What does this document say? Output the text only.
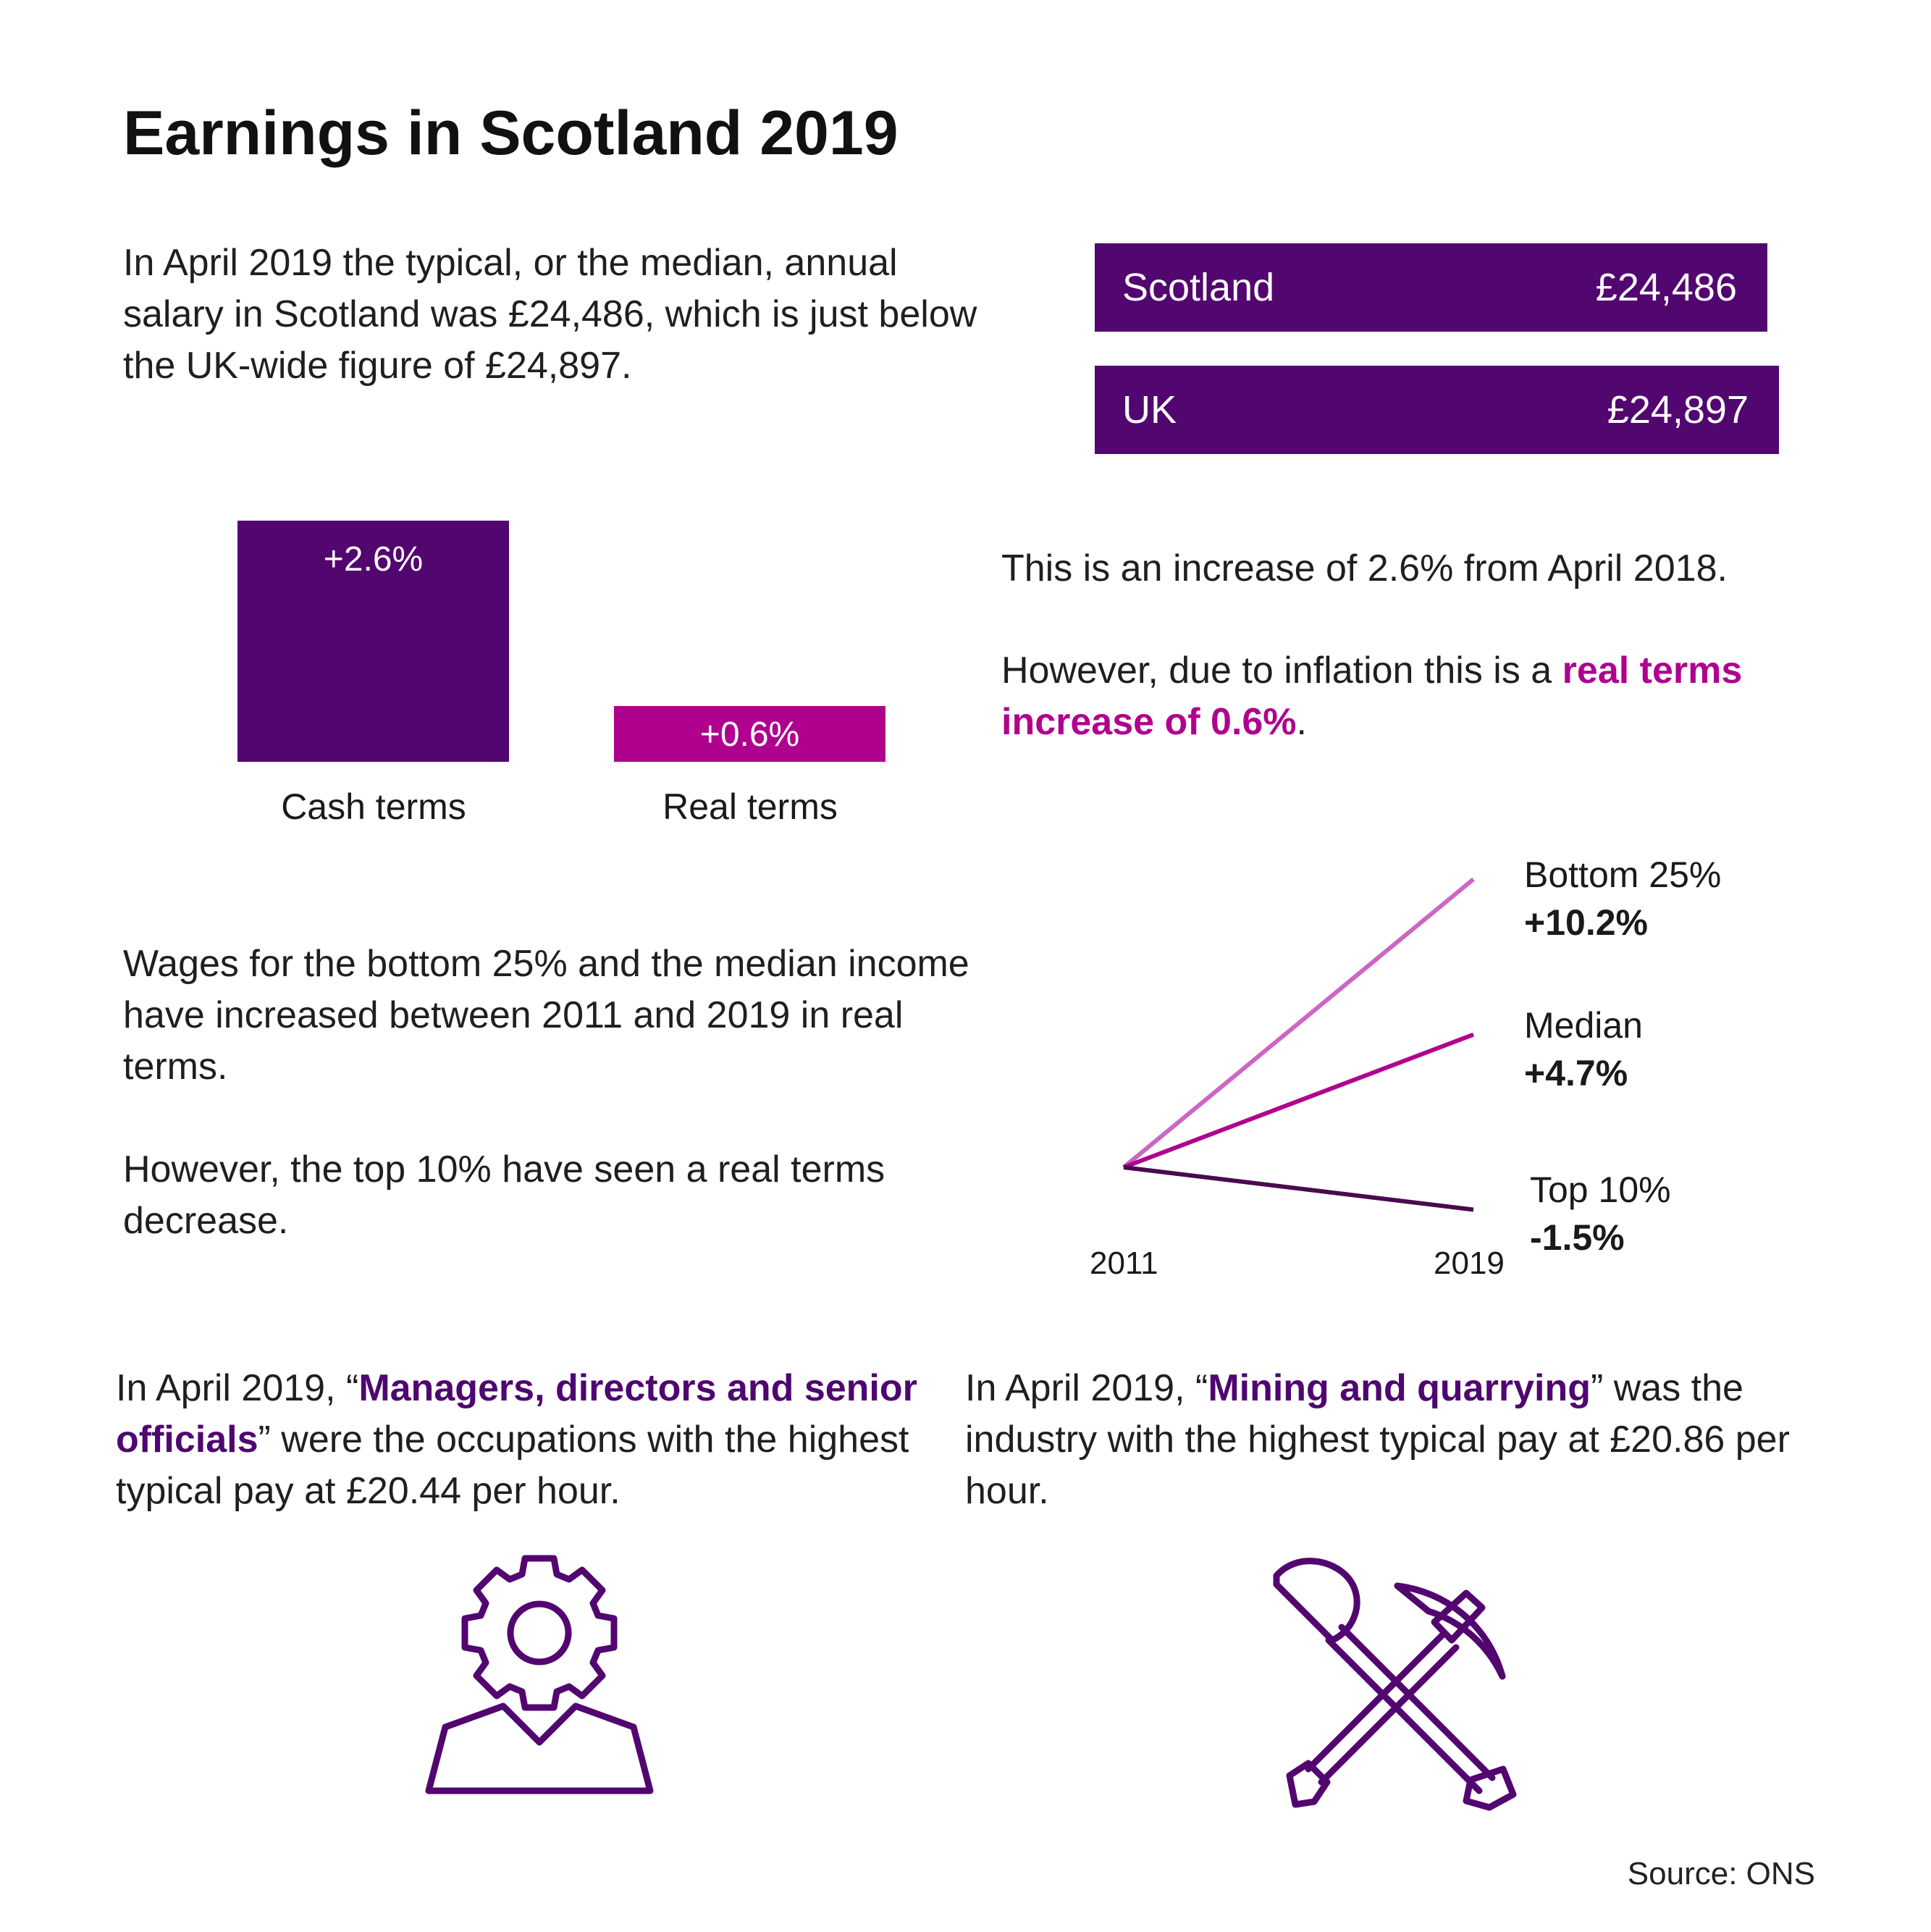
Earnings in Scotland 2019

In April 2019 the typical, or the median, annual

salary in Scotland was £24,486, which is just below

the UK-wide figure of £24,897.

Scotland	£24,486
UK	£24,897
+2.6%
+0.6%
Cash terms	Real terms

This is an increase of 2.6% from April 2018.

However, due to inflation this is a real terms

increase of 0.6%.

Wages for the bottom 25% and the median income

have increased between 2011 and 2019 in real

terms.

However, the top 10% have seen a real terms

decrease.

Bottom 25%
+10.2%
Median
+4.7%
Top 10%
-1.5%
2011	2019

In April 2019, “Managers, directors and senior

officials” were the occupations with the highest

typical pay at £20.44 per hour.

In April 2019, “Mining and quarrying” was the

industry with the highest typical pay at £20.86 per

hour.

Source: ONS
